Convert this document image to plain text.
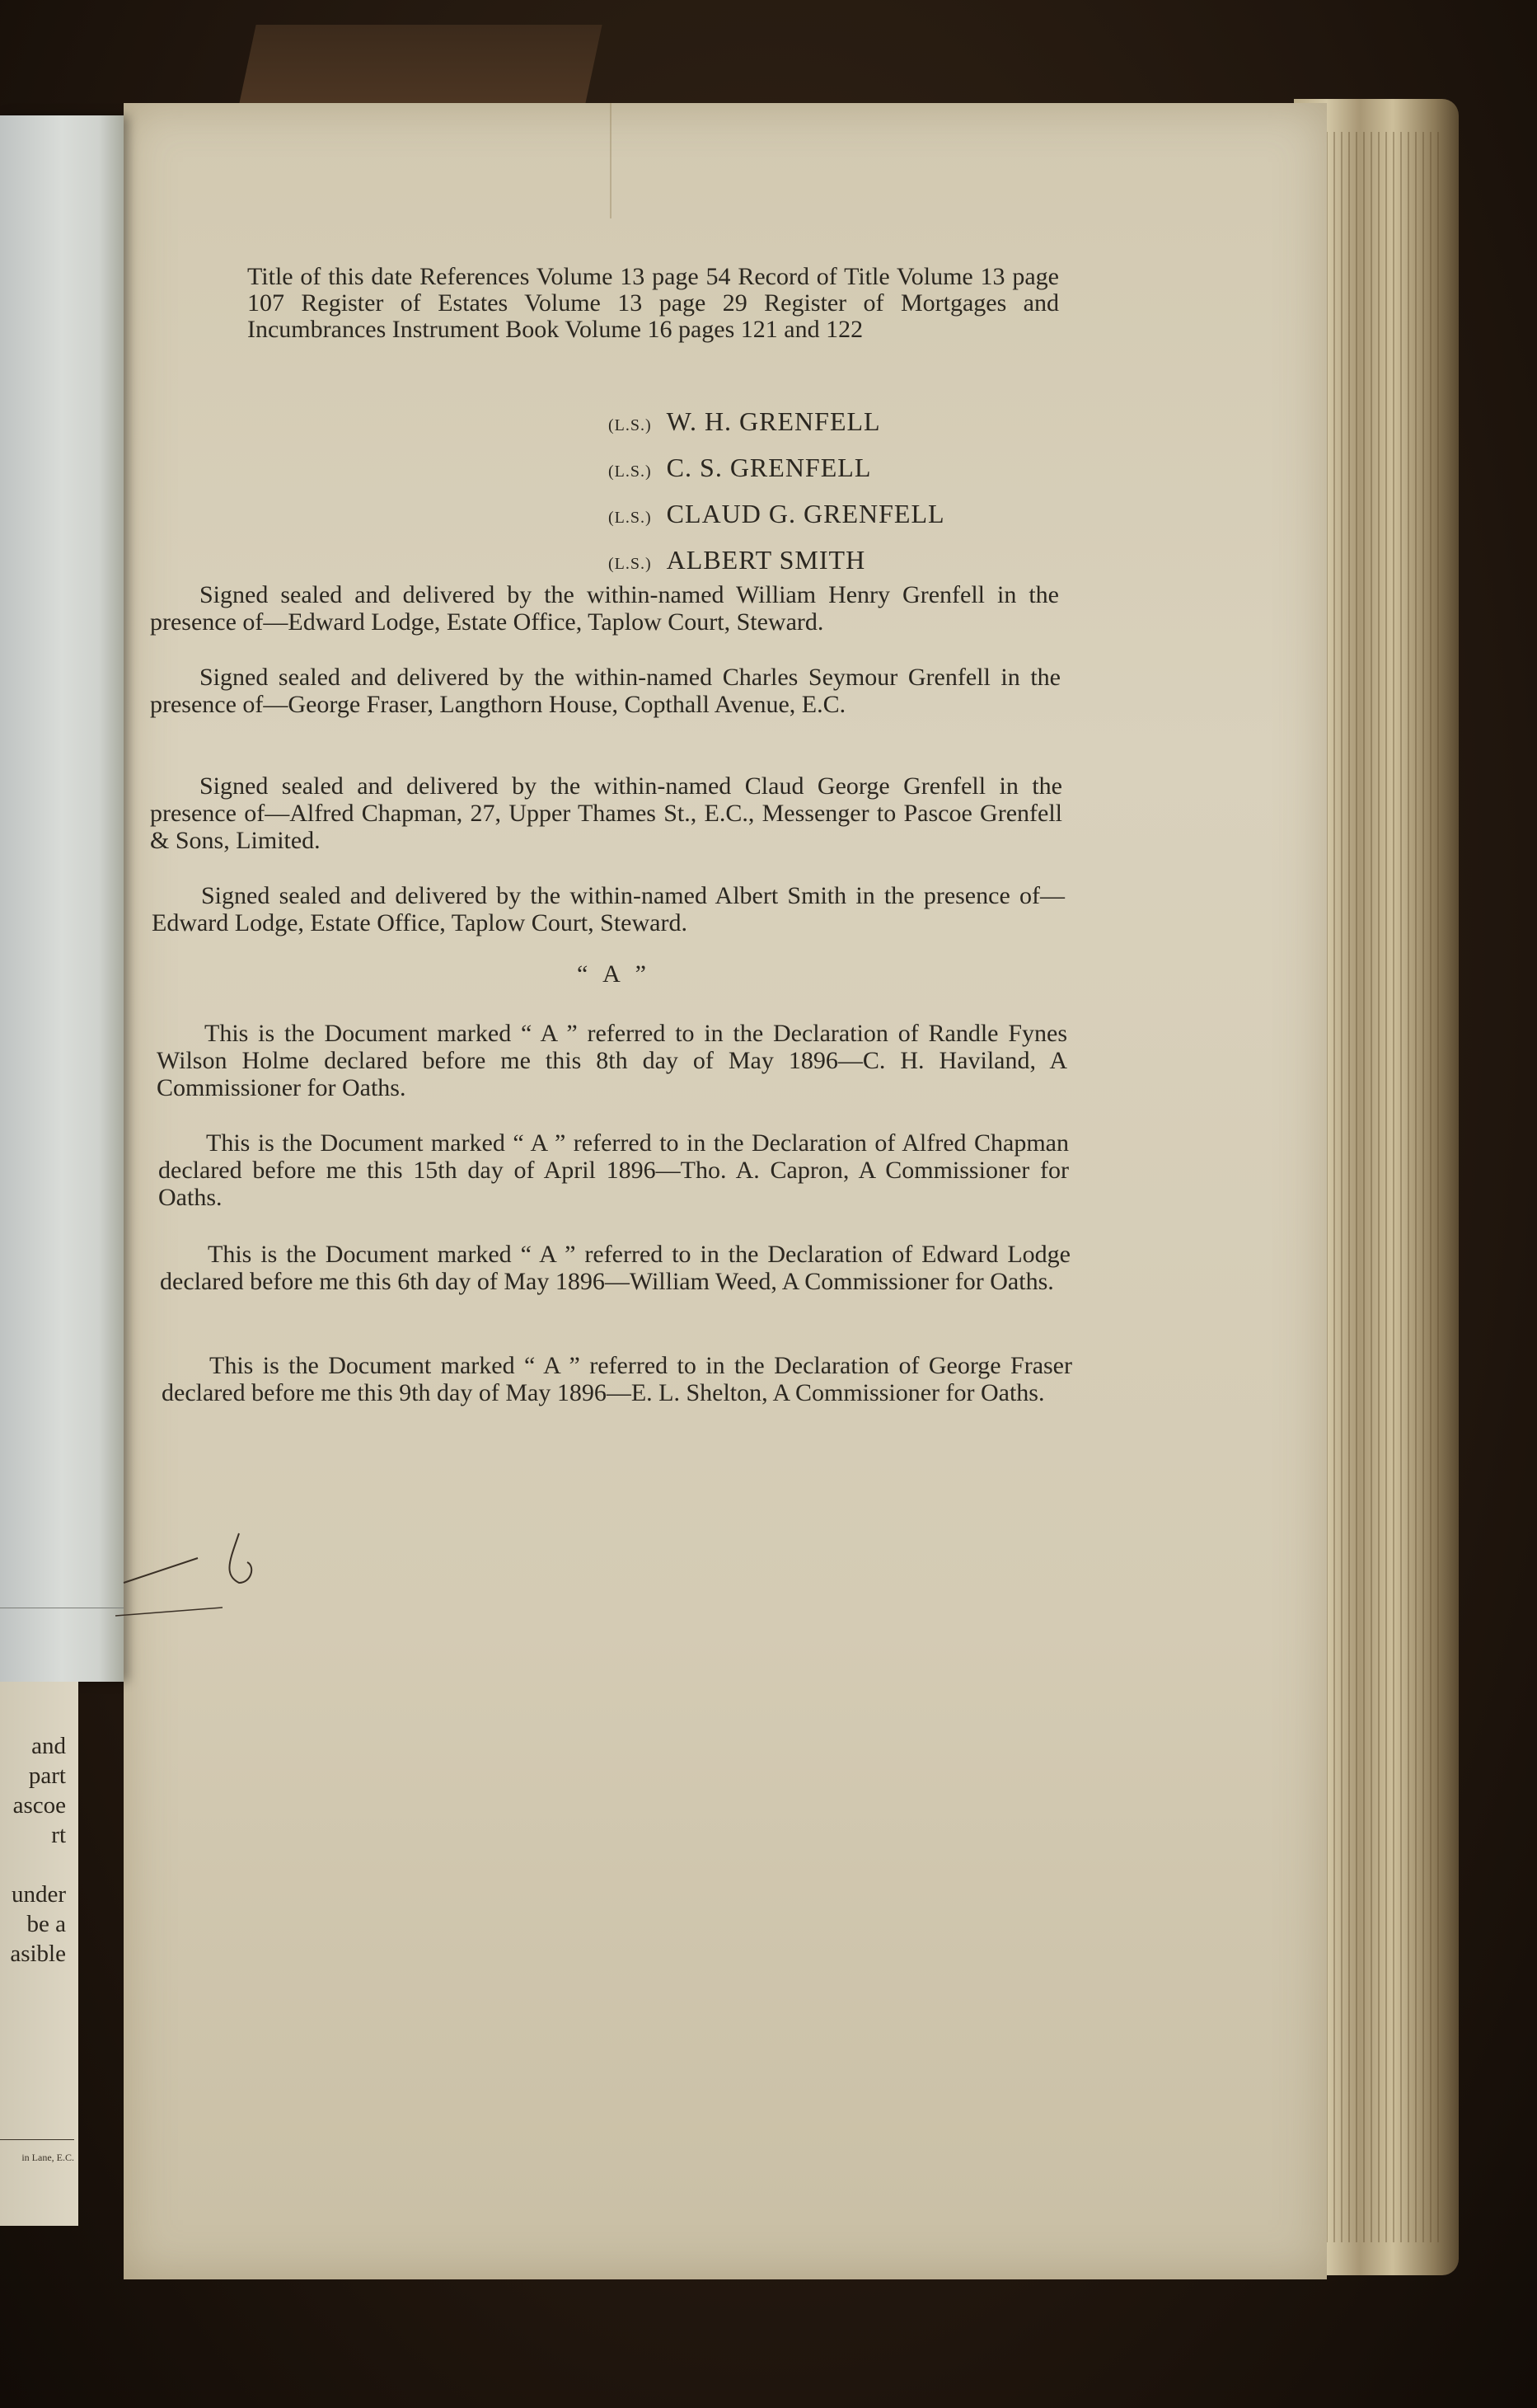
and
part
ascoe
rt

under
be a
asible
in Lane, E.C.
Title of this date References Volume 13 page 54 Record of Title Volume 13 page 107 Register of Estates Volume 13 page 29 Register of Mortgages and Incumbrances Instrument Book Volume 16 pages 121 and 122
(L.S.) W. H. GRENFELL
(L.S.) C. S. GRENFELL
(L.S.) CLAUD G. GRENFELL
(L.S.) ALBERT SMITH
Signed sealed and delivered by the within-named William Henry Grenfell in the presence of—Edward Lodge, Estate Office, Taplow Court, Steward.
Signed sealed and delivered by the within-named Charles Seymour Grenfell in the presence of—George Fraser, Langthorn House, Copthall Avenue, E.C.
Signed sealed and delivered by the within-named Claud George Grenfell in the presence of—Alfred Chapman, 27, Upper Thames St., E.C., Messenger to Pascoe Grenfell & Sons, Limited.
Signed sealed and delivered by the within-named Albert Smith in the presence of—Edward Lodge, Estate Office, Taplow Court, Steward.
“ A ”
This is the Document marked “ A ” referred to in the Declaration of Randle Fynes Wilson Holme declared before me this 8th day of May 1896—C. H. Haviland, A Commissioner for Oaths.
This is the Document marked “ A ” referred to in the Declaration of Alfred Chapman declared before me this 15th day of April 1896—Tho. A. Capron, A Commissioner for Oaths.
This is the Document marked “ A ” referred to in the Declaration of Edward Lodge declared before me this 6th day of May 1896—William Weed, A Commissioner for Oaths.
This is the Document marked “ A ” referred to in the Declaration of George Fraser declared before me this 9th day of May 1896—E. L. Shelton, A Commissioner for Oaths.
